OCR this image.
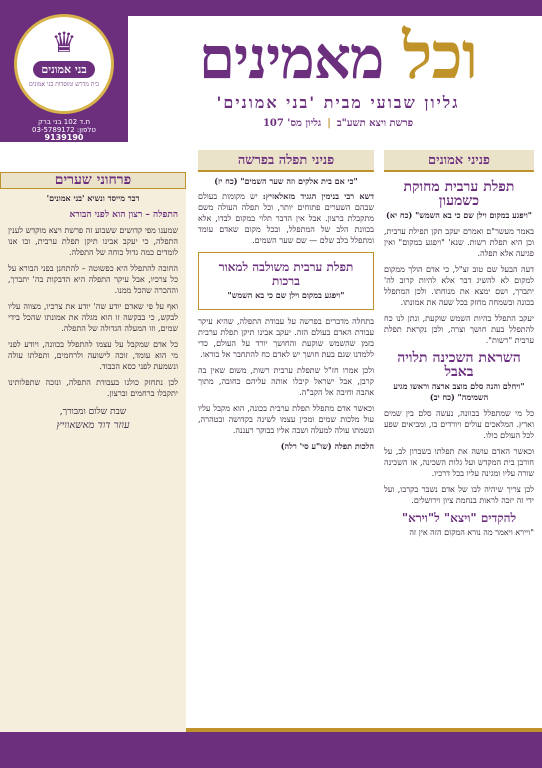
♛
בני אמונים
בית מדרש ומוסדות בני אמונים
ת.ד 102 בני ברק
טלפון: 03-5789172
9139190
וכל מאמינים
גליון שבועי מבית 'בני אמונים'
פרשת ויצא תשע"ב|גליון מס' 107
פניני אמונים
פניני תפלה בפרשה
תפלת ערבית מחוקת כשמעון
"ויפגע במקום וילן שם כי בא השמש" (כח יא)

באמר מעשר"ם ואמרם יעקב תקן תפילת ערבית, וכן היא תפלת רשות. שנא' "ויפגע במקום" ואין פגיעה אלא תפלה.

דעה הבעל שם טוב זצ"ל, כי אדם הולך ממקום למקום לא להשיג דבר אלא להיות קרוב לה' יתברך, ושם ימצא את מנוחתו. ולכן המתפלל בכונה ובשמחה מחזק בכל שעה את אמונתו.

יעקב התפלל בהיות השמש שוקעת, ונתן לנו כח להתפלל בעת חושך וצרה, ולכן נקראת תפלת ערבית "רשות".

השראת השכינה תלויה באבל
"ויחלם והנה סלם מוצב ארצה וראשו מגיע השמימה" (כח יב)

כל מי שמתפלל בכוונה, נעשה סלם בין שמים וארץ. המלאכים עולים ויורדים בו, ומביאים שפע לכל העולם כולו.

וכאשר האדם עושה את תפלתו בשברון לב, על חורבן בית המקדש ועל גלות השכינה, אז השכינה שורה עליו ומגינה עליו בכל דרכיו.

לכן צריך שיהיה לבו של אדם נשבר בקרבו, ועל ידי זה יזכה לראות בנחמת ציון וירושלים.

להקדים "ויצא" ל"וירא"

"ויירא ויאמר מה נורא המקום הזה אין זה

"כי אם בית אלקים וזה שער השמים" (כח יז)

דשא רבי בנימין הגגיד מזאלאזיץ: יש מקומות בעולם שבהם השערים פתוחים יותר, וכל תפלה העולה משם מתקבלת ברצון. אבל אין הדבר תלוי במקום לבדו, אלא בכוונת הלב של המתפלל, ובכל מקום שאדם עומד ומתפלל בלב שלם — שם שער השמים.

תפלת ערבית משולבה למאור ברכות
"ויפגע במקום וילן שם כי בא השמש"

בתחלה מדברים בפרשה על עבודת התפלה, שהיא עיקר עבודת האדם בעולם הזה. יעקב אבינו תיקן תפלת ערבית בזמן שהשמש שוקעת והחושך יורד על העולם, כדי ללמדנו שגם בעת חושך יש לאדם כח להתחבר אל בוראו.

ולכן אמרו חז"ל שתפלת ערבית רשות, משום שאין בה קרבן, אבל ישראל קיבלו אותה עליהם כחובה, מתוך אהבה וחיבה אל הקב"ה.

וכאשר אדם מתפלל תפלת ערבית בכונה, הוא מקבל עליו עול מלכות שמים ומכין עצמו לשינה בקדושה ובטהרה, ונשמתו עולה למעלה ושבה אליו בבוקר רעננה.

הלכות תפלה (שו"ע סי' רלה)

פרחוני שערים
דבר מייסד ונשיא 'בני אמונים'
התפלה – רצון הוא לפני הבורא

שמענו מפי קדושים ששבוע זה פרשת ויצא מוקדש לענין התפלה, כי יעקב אבינו תיקן תפלת ערבית, ובו אנו לומדים כמה גדול כוחה של התפלה.

החובה להתפלל היא כפשוטה – להתחנן בפני הבורא על כל צרכיו, אבל עיקר התפלה היא הדבקות בה' יתברך, וההכרה שהכל ממנו.

ואף על פי שאדם יודע שה' יודע את צרכיו, מצווה עליו לבקש, כי בבקשה זו הוא מגלה את אמונתו שהכל בידי שמים, וזו המעלה הגדולה של התפלה.

כל אדם שמקבל על עצמו להתפלל בכוונה, ויודע לפני מי הוא עומד, זוכה לישועה ולרחמים, ותפלתו עולה ונשמעת לפני כסא הכבוד.

לכן נתחזק כולנו בעבודת התפלה, ונזכה שתפלותינו יתקבלו ברחמים וברצון.

שבת שלום ומבורך,
עוזר דוד מאשאוויץ
